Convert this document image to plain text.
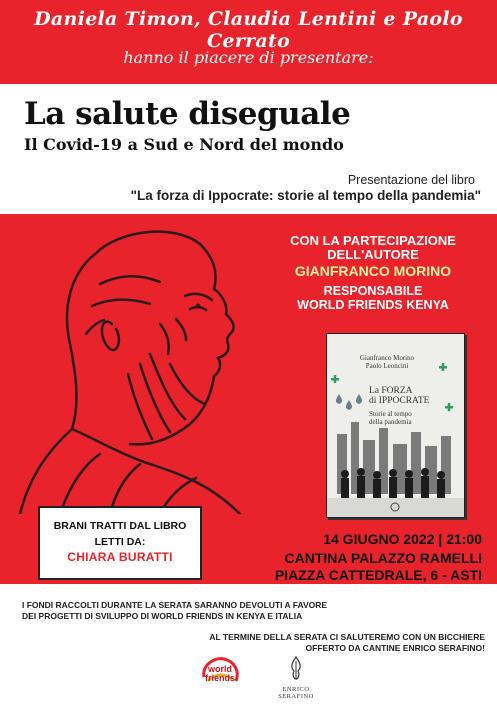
Daniela Timon, Claudia Lentini e Paolo Cerrato
hanno il piacere di presentare:
La salute diseguale
Il Covid-19 a Sud e Nord del mondo
Presentazione del libro
"La forza di Ippocrate: storie al tempo della pandemia"
CON LA PARTECIPAZIONE
DELL'AUTORE
GIANFRANCO MORINO
RESPONSABILE
WORLD FRIENDS KENYA
Gianfranco Morino
Paolo Leoncini
La FORZA
di IPPOCRATE
Storie al tempo
della pandemia
BRANI TRATTI DAL LIBRO
LETTI DA:
CHIARA BURATTI
14 GIUGNO 2022 | 21:00
CANTINA PALAZZO RAMELLI
PIAZZA CATTEDRALE, 6 - ASTI
I FONDI RACCOLTI DURANTE LA SERATA SARANNO DEVOLUTI A FAVORE
DEI PROGETTI DI SVILUPPO DI WORLD FRIENDS IN KENYA E ITALIA
AL TERMINE DELLA SERATA CI SALUTEREMO CON UN BICCHIERE
OFFERTO DA CANTINE ENRICO SERAFINO!
world
friends
ENRICO SERAFINO
